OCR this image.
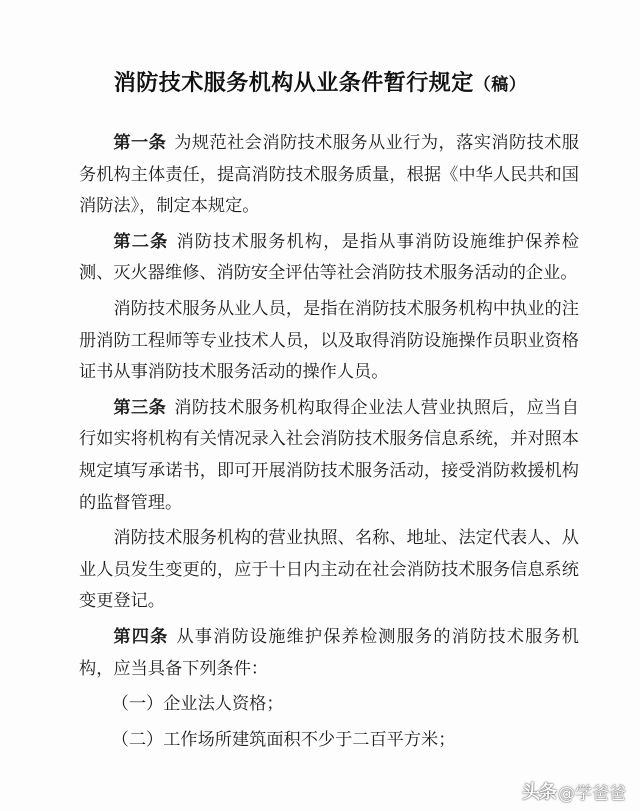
消防技术服务机构从业条件暂行规定（稿）

第一条 为规范社会消防技术服务从业行为，落实消防技术服务机构主体责任，提高消防技术服务质量，根据《中华人民共和国消防法》，制定本规定。

第二条 消防技术服务机构，是指从事消防设施维护保养检测、灭火器维修、消防安全评估等社会消防技术服务活动的企业。

消防技术服务从业人员，是指在消防技术服务机构中执业的注册消防工程师等专业技术人员，以及取得消防设施操作员职业资格证书从事消防技术服务活动的操作人员。

第三条 消防技术服务机构取得企业法人营业执照后，应当自行如实将机构有关情况录入社会消防技术服务信息系统，并对照本规定填写承诺书，即可开展消防技术服务活动，接受消防救援机构的监督管理。

消防技术服务机构的营业执照、名称、地址、法定代表人、从业人员发生变更的，应于十日内主动在社会消防技术服务信息系统变更登记。

第四条 从事消防设施维护保养检测服务的消防技术服务机构，应当具备下列条件：

（一）企业法人资格；

（二）工作场所建筑面积不少于二百平方米；

头条 @学爸爸
